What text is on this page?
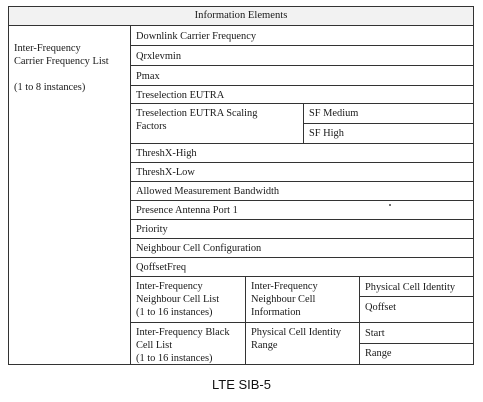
Information Elements

Inter-Frequency
Carrier Frequency List

(1 to 8 instances)

Downlink Carrier Frequency
Qrxlevmin
Pmax
Treselection EUTRA
Treselection EUTRA Scaling
Factors
SF Medium
SF High
ThreshX-High
ThreshX-Low
Allowed Measurement Bandwidth
Presence Antenna Port 1
Priority
Neighbour Cell Configuration
QoffsetFreq
Inter-Frequency
Neighbour Cell List
(1 to 16 instances)
Inter-Frequency
Neighbour Cell
Information
Physical Cell Identity
Qoffset
Inter-Frequency Black
Cell List
(1 to 16 instances)
Physical Cell Identity
Range
Start
Range
LTE SIB-5
